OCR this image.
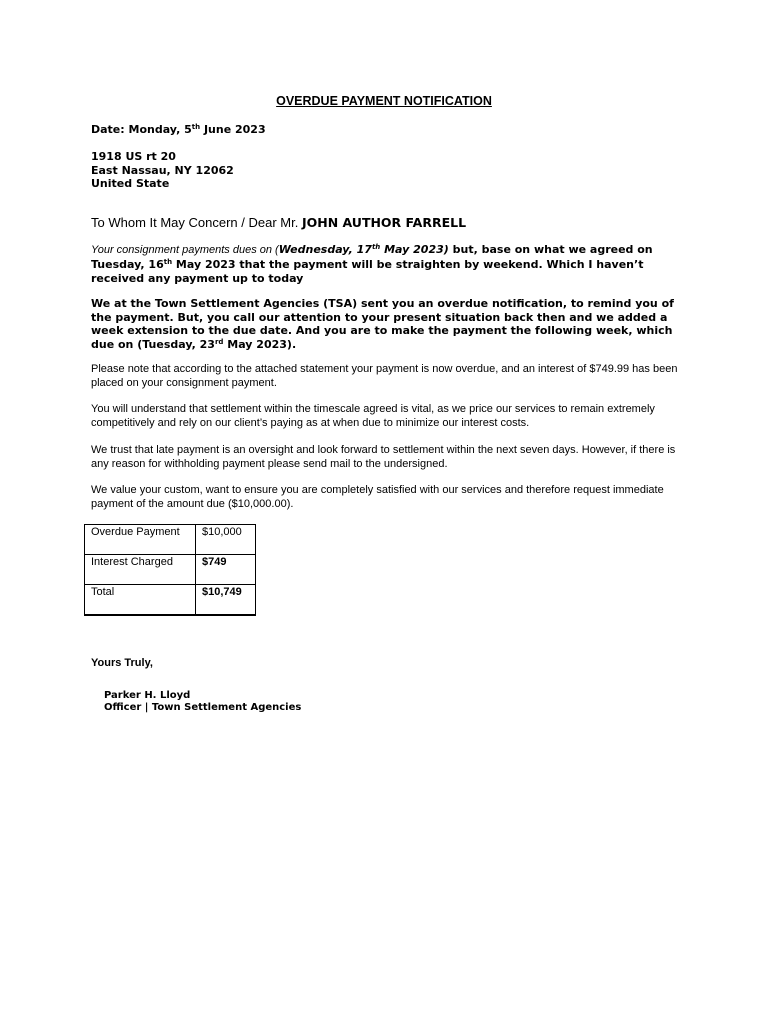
OVERDUE PAYMENT NOTIFICATION
Date: Monday, 5th June 2023
1918 US rt 20
East Nassau, NY 12062
United State
To Whom It May Concern / Dear Mr. JOHN AUTHOR FARRELL
Your consignment payments dues on (Wednesday, 17th May 2023) but, base on what we agreed on Tuesday, 16th May 2023 that the payment will be straighten by weekend. Which I haven’t received any payment up to today
We at the Town Settlement Agencies (TSA) sent you an overdue notification, to remind you of the payment. But, you call our attention to your present situation back then and we added a week extension to the due date. And you are to make the payment the following week, which due on (Tuesday, 23rd May 2023).
Please note that according to the attached statement your payment is now overdue, and an interest of $749.99 has been placed on your consignment payment.
You will understand that settlement within the timescale agreed is vital, as we price our services to remain extremely competitively and rely on our client’s paying as at when due to minimize our interest costs.
We trust that late payment is an oversight and look forward to settlement within the next seven days. However, if there is any reason for withholding payment please send mail to the undersigned.
We value your custom, want to ensure you are completely satisfied with our services and therefore request immediate payment of the amount due ($10,000.00).
Overdue Payment	$10,000
Interest Charged	$749
Total	$10,749
Yours Truly,
Parker H. Lloyd
Officer | Town Settlement Agencies
